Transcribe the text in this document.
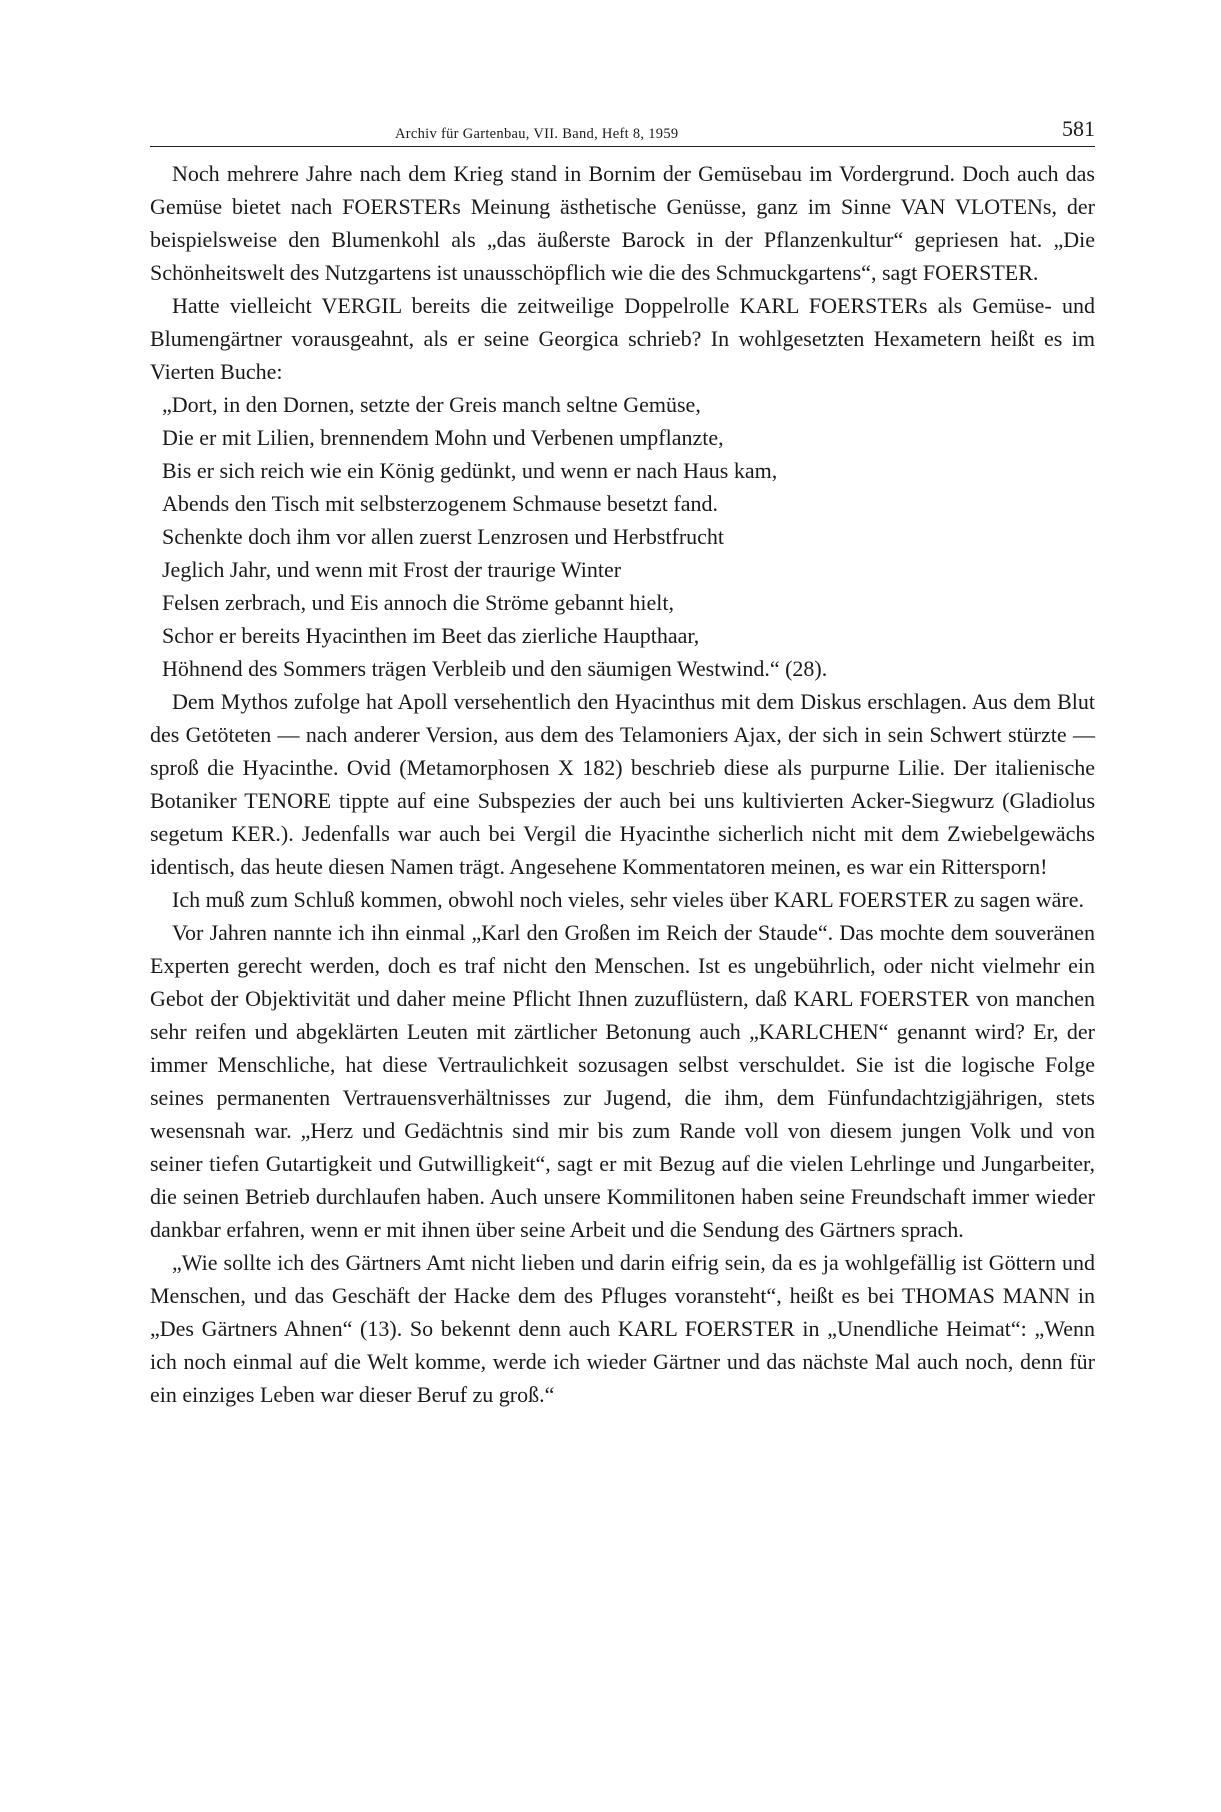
Archiv für Gartenbau, VII. Band, Heft 8, 1959	581

Noch mehrere Jahre nach dem Krieg stand in Bornim der Gemüsebau im Vordergrund. Doch auch das Gemüse bietet nach FOERSTERs Meinung ästhetische Genüsse, ganz im Sinne VAN VLOTENs, der beispielsweise den Blumenkohl als „das äußerste Barock in der Pflanzenkultur“ gepriesen hat. „Die Schönheitswelt des Nutzgartens ist unausschöpflich wie die des Schmuckgartens“, sagt FOERSTER.

Hatte vielleicht VERGIL bereits die zeitweilige Doppelrolle KARL FOERSTERs als Gemüse- und Blumengärtner vorausgeahnt, als er seine Georgica schrieb? In wohlgesetzten Hexametern heißt es im Vierten Buche:

„Dort, in den Dornen, setzte der Greis manch seltne Gemüse,
Die er mit Lilien, brennendem Mohn und Verbenen umpflanzte,
Bis er sich reich wie ein König gedünkt, und wenn er nach Haus kam,
Abends den Tisch mit selbsterzogenem Schmause besetzt fand.
Schenkte doch ihm vor allen zuerst Lenzrosen und Herbstfrucht
Jeglich Jahr, und wenn mit Frost der traurige Winter
Felsen zerbrach, und Eis annoch die Ströme gebannt hielt,
Schor er bereits Hyacinthen im Beet das zierliche Haupthaar,
Höhnend des Sommers trägen Verbleib und den säumigen Westwind.“ (28).

Dem Mythos zufolge hat Apoll versehentlich den Hyacinthus mit dem Diskus erschlagen. Aus dem Blut des Getöteten — nach anderer Version, aus dem des Telamoniers Ajax, der sich in sein Schwert stürzte — sproß die Hyacinthe. Ovid (Metamorphosen X 182) beschrieb diese als purpurne Lilie. Der italienische Botaniker TENORE tippte auf eine Subspezies der auch bei uns kultivierten Acker-Siegwurz (Gladiolus segetum KER.). Jedenfalls war auch bei Vergil die Hyacinthe sicherlich nicht mit dem Zwiebelgewächs identisch, das heute diesen Namen trägt. Angesehene Kommentatoren meinen, es war ein Rittersporn!

Ich muß zum Schluß kommen, obwohl noch vieles, sehr vieles über KARL FOERSTER zu sagen wäre.

Vor Jahren nannte ich ihn einmal „Karl den Großen im Reich der Staude“. Das mochte dem souveränen Experten gerecht werden, doch es traf nicht den Menschen. Ist es ungebührlich, oder nicht vielmehr ein Gebot der Objektivität und daher meine Pflicht Ihnen zuzuflüstern, daß KARL FOERSTER von manchen sehr reifen und abgeklärten Leuten mit zärtlicher Betonung auch „KARLCHEN“ genannt wird? Er, der immer Menschliche, hat diese Vertraulichkeit sozusagen selbst verschuldet. Sie ist die logische Folge seines permanenten Vertrauensverhältnisses zur Jugend, die ihm, dem Fünfundachtzigjährigen, stets wesensnah war. „Herz und Gedächtnis sind mir bis zum Rande voll von diesem jungen Volk und von seiner tiefen Gutartigkeit und Gutwilligkeit“, sagt er mit Bezug auf die vielen Lehrlinge und Jungarbeiter, die seinen Betrieb durchlaufen haben. Auch unsere Kommilitonen haben seine Freundschaft immer wieder dankbar erfahren, wenn er mit ihnen über seine Arbeit und die Sendung des Gärtners sprach.

„Wie sollte ich des Gärtners Amt nicht lieben und darin eifrig sein, da es ja wohlgefällig ist Göttern und Menschen, und das Geschäft der Hacke dem des Pfluges voransteht“, heißt es bei THOMAS MANN in „Des Gärtners Ahnen“ (13). So bekennt denn auch KARL FOERSTER in „Unendliche Heimat“: „Wenn ich noch einmal auf die Welt komme, werde ich wieder Gärtner und das nächste Mal auch noch, denn für ein einziges Leben war dieser Beruf zu groß.“
